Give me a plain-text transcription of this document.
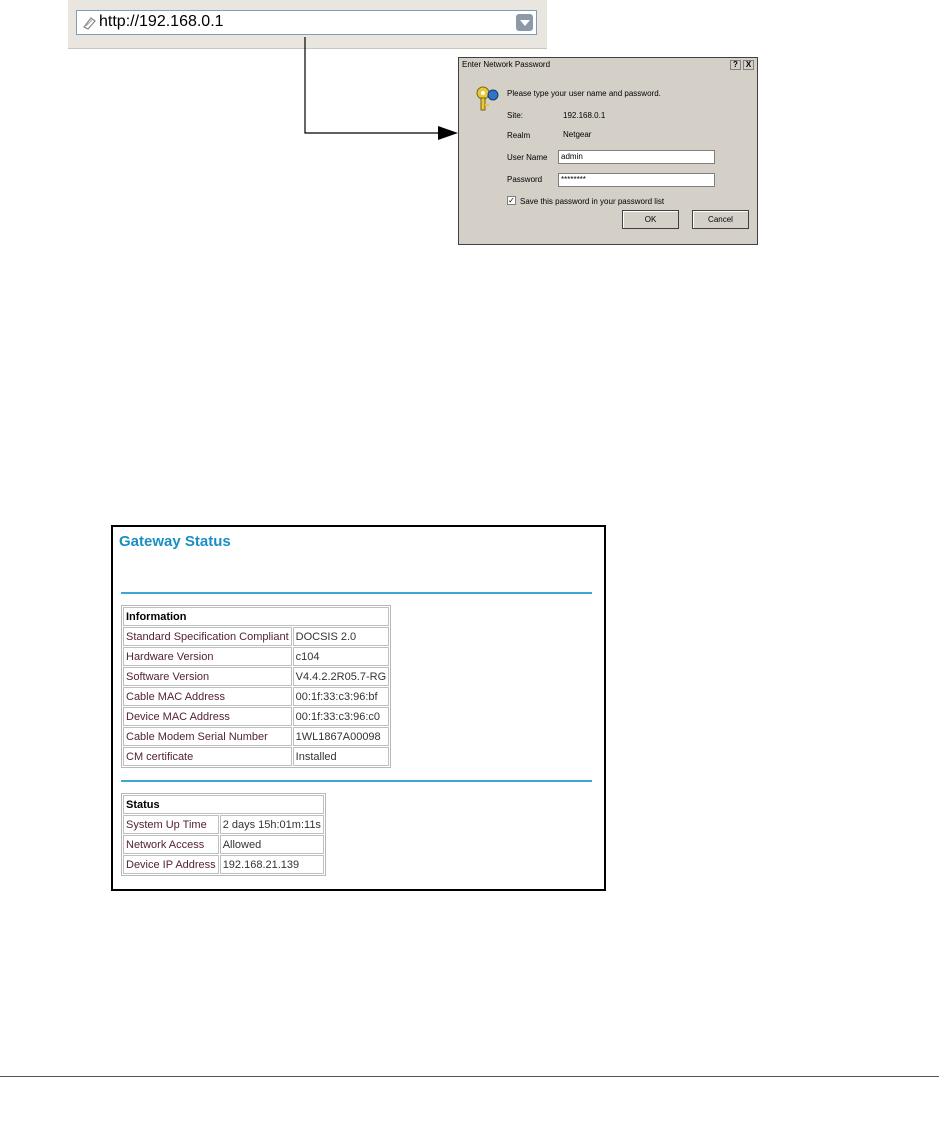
http://192.168.0.1
Enter Network Password	? X
Please type your user name and password.
Site:	192.168.0.1
Realm	Netgear
User Name	admin
Password	********
✓ Save this password in your password list
OK	Cancel
Gateway Status
Information	
Standard Specification Compliant	DOCSIS 2.0
Hardware Version	c104
Software Version	V4.4.2.2R05.7-RG
Cable MAC Address	00:1f:33:c3:96:bf
Device MAC Address	00:1f:33:c3:96:c0
Cable Modem Serial Number	1WL1867A00098
CM certificate	Installed
Status	
System Up Time	2 days 15h:01m:11s
Network Access	Allowed
Device IP Address	192.168.21.139
